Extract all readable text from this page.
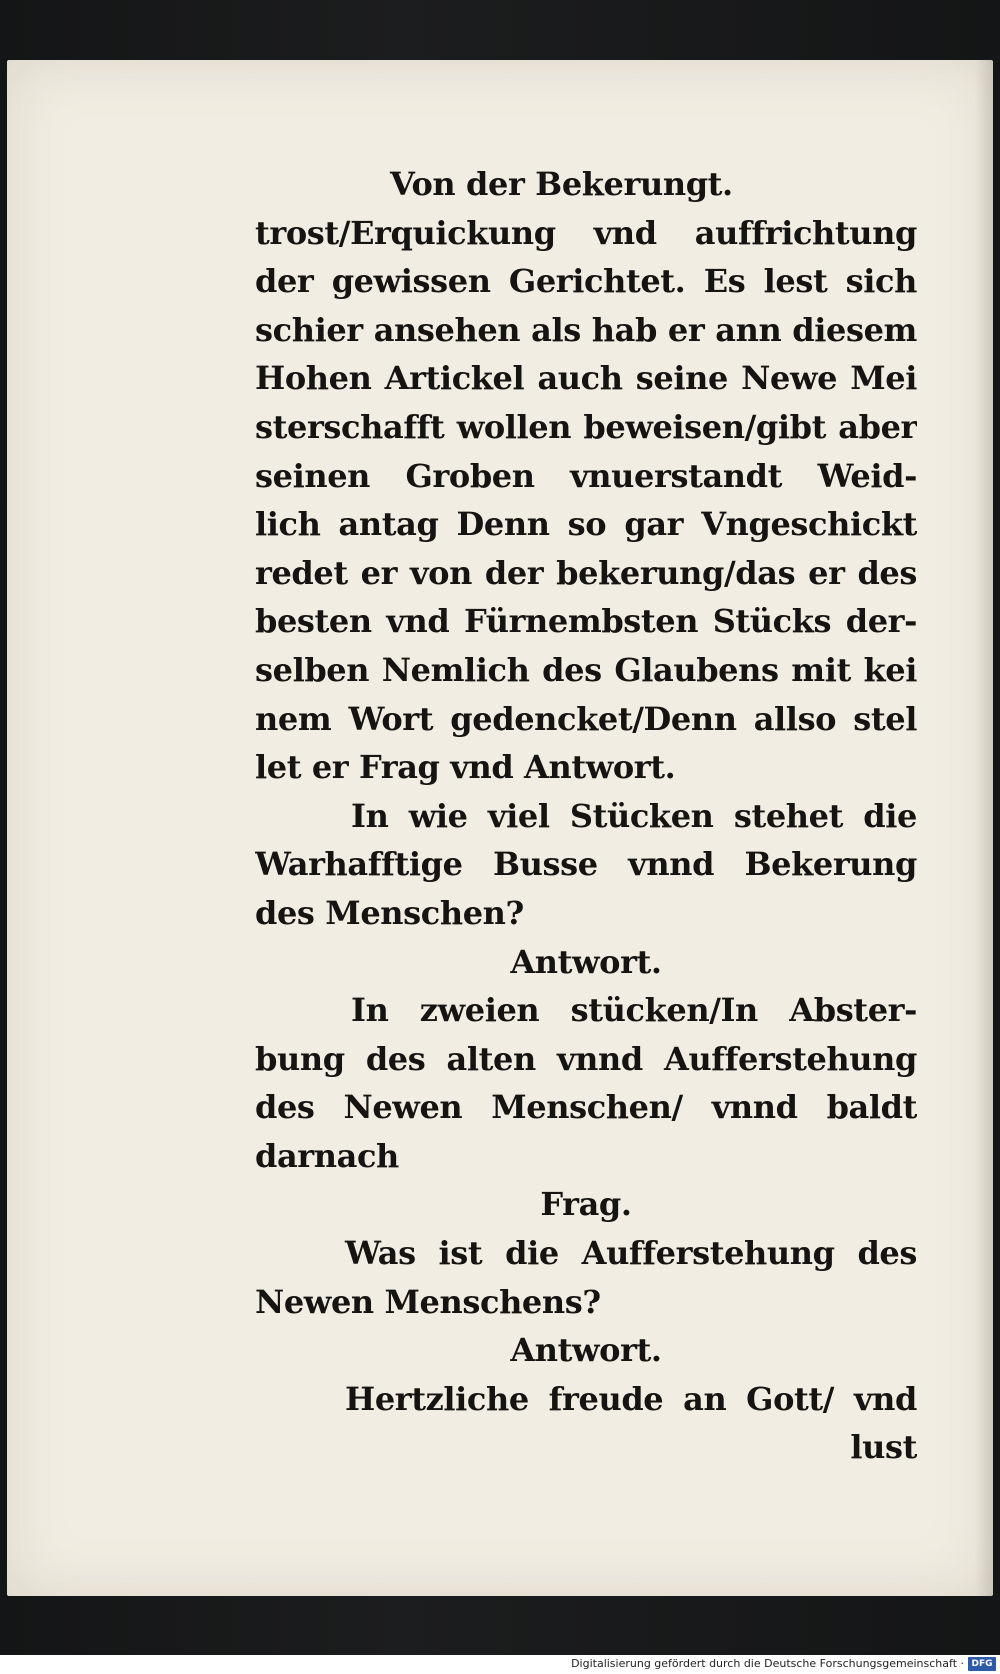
Von der Bekerungt.
trost/Erquickung vnd auffrichtung
der gewissen Gerichtet. Es lest sich
schier ansehen als hab er ann diesem
Hohen Artickel auch seine Newe Mei
sterschafft wollen beweisen/gibt aber
seinen Groben vnuerstandt Weid-
lich antag Denn so gar Vngeschickt
redet er von der bekerung/das er des
besten vnd Fürnembsten Stücks der-
selben Nemlich des Glaubens mit kei
nem Wort gedencket/Denn allso stel
let er Frag vnd Antwort.
In wie viel Stücken stehet die
Warhafftige Busse vnnd Bekerung
des Menschen?
Antwort.
In zweien stücken/In Abster-
bung des alten vnnd Aufferstehung
des Newen Menschen/ vnnd baldt
darnach
Frag.
Was ist die Aufferstehung des
Newen Menschens?
Antwort.
Hertzliche freude an Gott/ vnd
lust
Digitalisierung gefördert durch die Deutsche Forschungsgemeinschaft · DFG
